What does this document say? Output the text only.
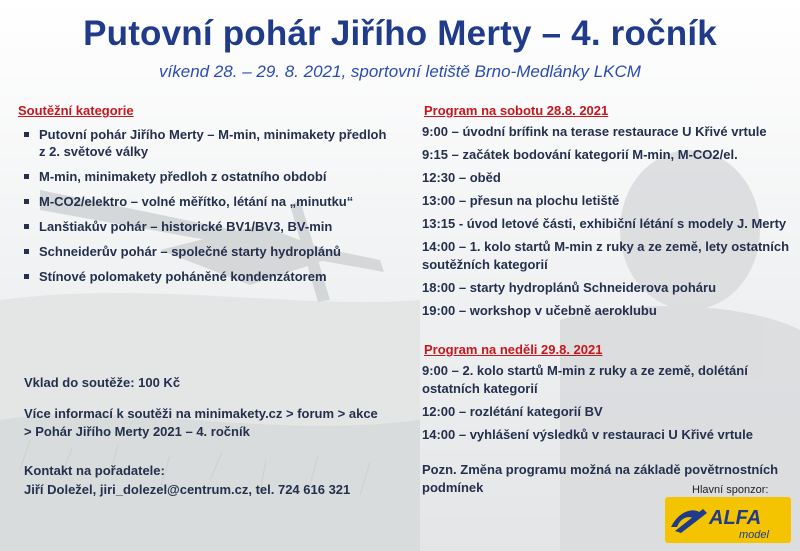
Putovní pohár Jiřího Merty – 4. ročník
víkend 28. – 29. 8. 2021, sportovní letiště Brno-Medlánky LKCM
Soutěžní kategorie
Putovní pohár Jiřího Merty – M-min, minimakety předloh z 2. světové války
M-min, minimakety předloh z ostatního období
M-CO2/elektro – volné měřítko, létání na „minutku“
Lanštiakův pohár – historické BV1/BV3, BV-min
Schneiderův pohár – společné starty hydroplánů
Stínové polomakety poháněné kondenzátorem
Vklad do soutěže: 100 Kč
Více informací k soutěži na minimakety.cz > forum > akce > Pohár Jiřího Merty 2021 – 4. ročník
Kontakt na pořadatele:
Jiří Doležel, jiri_dolezel@centrum.cz, tel. 724 616 321
Program na sobotu 28.8. 2021
9:00 – úvodní brífink na terase restaurace U Křivé vrtule
9:15 – začátek bodování kategorií M-min, M-CO2/el.
12:30 – oběd
13:00 – přesun na plochu letiště
13:15 - úvod letové části, exhibiční létání s modely J. Merty
14:00 – 1. kolo startů M-min z ruky a ze země, lety ostatních soutěžních kategorií
18:00 – starty hydroplánů Schneiderova poháru
19:00 – workshop v učebně aeroklubu
Program na neděli 29.8. 2021
9:00 – 2. kolo startů M-min z ruky a ze země, dolétání ostatních kategorií
12:00 – rozlétání kategorií BV
14:00 – vyhlášení výsledků v restauraci U Křivé vrtule
Pozn. Změna programu možná na základě povětrnostních podmínek	Hlavní sponzor:
ALFA
model
